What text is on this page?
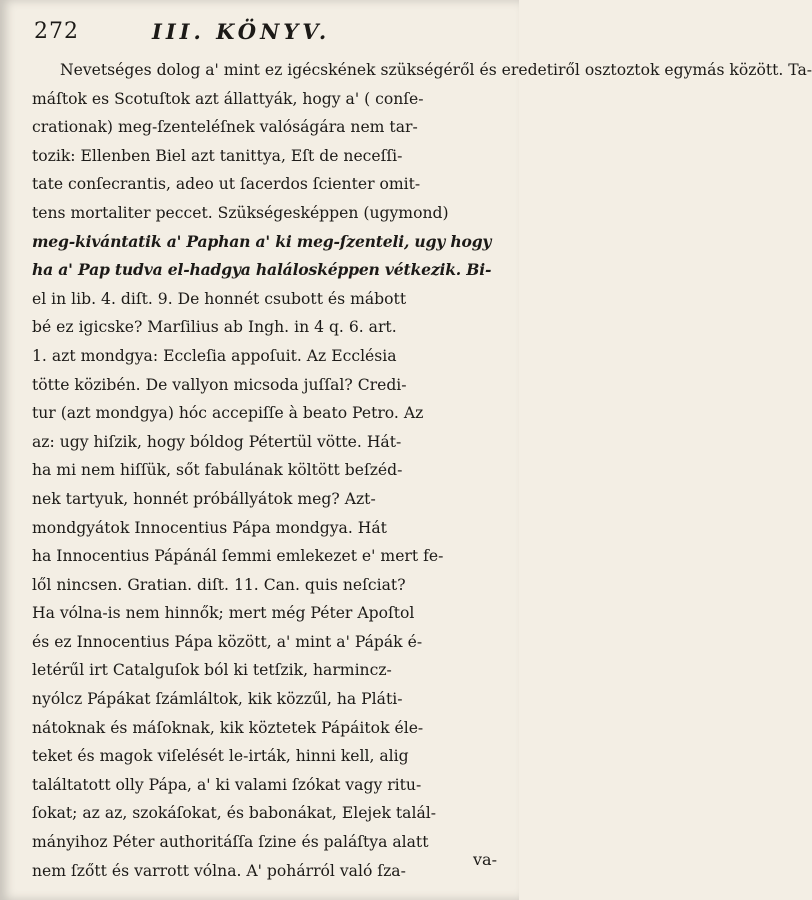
272	III. KÖNYV.
Nevetséges dolog a' mint ez igécskének szükségéről és eredetiről osztoztok egymás között. Ta-
máſtok es Scotuſtok azt állattyák, hogy a' ( conſe-
crationak) meg-ſzenteléſnek valóságára nem tar-
tozik: Ellenben Biel azt tanittya, Eſt de neceſſi-
tate conſecrantis, adeo ut ſacerdos ſcienter omit-
tens mortaliter peccet. Szükségesképpen (ugymond)
meg-kivántatik a' Paphan a' ki meg-ſzenteli, ugy hogy
ha a' Pap tudva el-hadgya halálosképpen vétkezik. Bi-
el in lib. 4. diſt. 9. De honnét csubott és mábott
bé ez igicske? Marſilius ab Ingh. in 4 q. 6. art.
1. azt mondgya: Eccleſia appoſuit. Az Ecclésia
tötte közibén. De vallyon micsoda juſſal? Credi-
tur (azt mondgya) hóc accepiſſe à beato Petro. Az
az: ugy hiſzik, hogy bóldog Pétertül vötte. Hát-
ha mi nem hiſſük, sőt fabulának költött beſzéd-
nek tartyuk, honnét próbállyátok meg? Azt-
mondgyátok Innocentius Pápa mondgya. Hát
ha Innocentius Pápánál ſemmi emlekezet e' mert fe-
lől nincsen. Gratian. diſt. 11. Can. quis neſciat?
Ha vólna-is nem hinnők; mert még Péter Apoſtol
és ez Innocentius Pápa között, a' mint a' Pápák é-
letérűl irt Catalguſok ból ki tetſzik, harmincz-
nyólcz Pápákat ſzámláltok, kik közzűl, ha Pláti-
nátoknak és máſoknak, kik köztetek Pápáitok éle-
teket és magok viſelését le-irták, hinni kell, alig
találtatott olly Pápa, a' ki valami ſzókat vagy ritu-
ſokat; az az, szokáſokat, és babonákat, Elejek talál-
mányihoz Péter authoritáſſa ſzine és paláſtya alatt
nem ſzőtt és varrott vólna. A' pohárról való ſza-
va-
